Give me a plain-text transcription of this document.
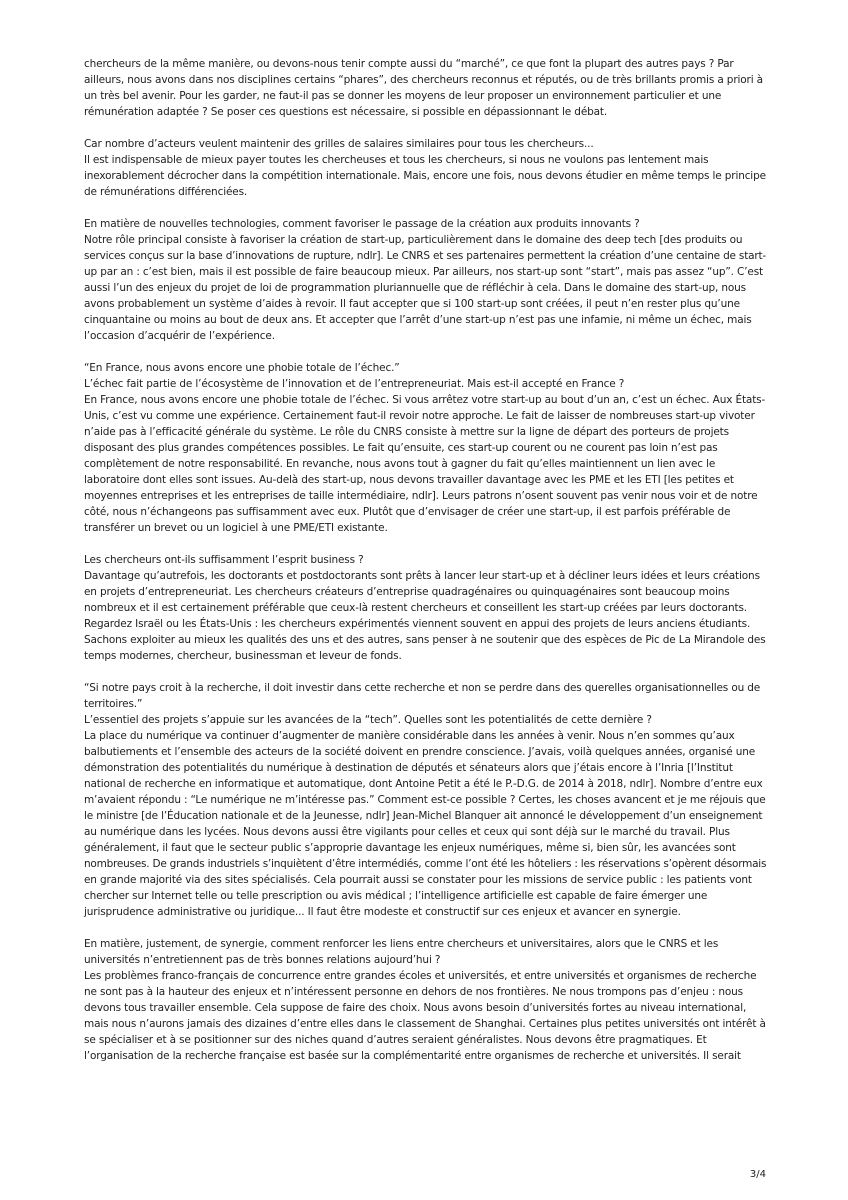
chercheurs de la même manière, ou devons-nous tenir compte aussi du “marché”, ce que font la plupart des autres pays ? Par
ailleurs, nous avons dans nos disciplines certains “phares”, des chercheurs reconnus et réputés, ou de très brillants promis a priori à
un très bel avenir. Pour les garder, ne faut-il pas se donner les moyens de leur proposer un environnement particulier et une
rémunération adaptée ? Se poser ces questions est nécessaire, si possible en dépassionnant le débat.
Car nombre d’acteurs veulent maintenir des grilles de salaires similaires pour tous les chercheurs...
Il est indispensable de mieux payer toutes les chercheuses et tous les chercheurs, si nous ne voulons pas lentement mais
inexorablement décrocher dans la compétition internationale. Mais, encore une fois, nous devons étudier en même temps le principe
de rémunérations différenciées.
En matière de nouvelles technologies, comment favoriser le passage de la création aux produits innovants ?
Notre rôle principal consiste à favoriser la création de start-up, particulièrement dans le domaine des deep tech [des produits ou
services conçus sur la base d’innovations de rupture, ndlr]. Le CNRS et ses partenaires permettent la création d’une centaine de start-
up par an : c’est bien, mais il est possible de faire beaucoup mieux. Par ailleurs, nos start-up sont “start”, mais pas assez “up”. C’est
aussi l’un des enjeux du projet de loi de programmation pluriannuelle que de réfléchir à cela. Dans le domaine des start-up, nous
avons probablement un système d’aides à revoir. Il faut accepter que si 100 start-up sont créées, il peut n’en rester plus qu’une
cinquantaine ou moins au bout de deux ans. Et accepter que l’arrêt d’une start-up n’est pas une infamie, ni même un échec, mais
l’occasion d’acquérir de l’expérience.
“En France, nous avons encore une phobie totale de l’échec.”
L’échec fait partie de l’écosystème de l’innovation et de l’entrepreneuriat. Mais est-il accepté en France ?
En France, nous avons encore une phobie totale de l’échec. Si vous arrêtez votre start-up au bout d’un an, c’est un échec. Aux États-
Unis, c’est vu comme une expérience. Certainement faut-il revoir notre approche. Le fait de laisser de nombreuses start-up vivoter
n’aide pas à l’efficacité générale du système. Le rôle du CNRS consiste à mettre sur la ligne de départ des porteurs de projets
disposant des plus grandes compétences possibles. Le fait qu’ensuite, ces start-up courent ou ne courent pas loin n’est pas
complètement de notre responsabilité. En revanche, nous avons tout à gagner du fait qu’elles maintiennent un lien avec le
laboratoire dont elles sont issues. Au-delà des start-up, nous devons travailler davantage avec les PME et les ETI [les petites et
moyennes entreprises et les entreprises de taille intermédiaire, ndlr]. Leurs patrons n’osent souvent pas venir nous voir et de notre
côté, nous n’échangeons pas suffisamment avec eux. Plutôt que d’envisager de créer une start-up, il est parfois préférable de
transférer un brevet ou un logiciel à une PME/ETI existante.
Les chercheurs ont-ils suffisamment l’esprit business ?
Davantage qu’autrefois, les doctorants et postdoctorants sont prêts à lancer leur start-up et à décliner leurs idées et leurs créations
en projets d’entrepreneuriat. Les chercheurs créateurs d’entreprise quadragénaires ou quinquagénaires sont beaucoup moins
nombreux et il est certainement préférable que ceux-là restent chercheurs et conseillent les start-up créées par leurs doctorants.
Regardez Israël ou les États-Unis : les chercheurs expérimentés viennent souvent en appui des projets de leurs anciens étudiants.
Sachons exploiter au mieux les qualités des uns et des autres, sans penser à ne soutenir que des espèces de Pic de La Mirandole des
temps modernes, chercheur, businessman et leveur de fonds.
“Si notre pays croit à la recherche, il doit investir dans cette recherche et non se perdre dans des querelles organisationnelles ou de
territoires.”
L’essentiel des projets s’appuie sur les avancées de la “tech”. Quelles sont les potentialités de cette dernière ?
La place du numérique va continuer d’augmenter de manière considérable dans les années à venir. Nous n’en sommes qu’aux
balbutiements et l’ensemble des acteurs de la société doivent en prendre conscience. J’avais, voilà quelques années, organisé une
démonstration des potentialités du numérique à destination de députés et sénateurs alors que j’étais encore à l’Inria [l’Institut
national de recherche en informatique et automatique, dont Antoine Petit a été le P.-D.G. de 2014 à 2018, ndlr]. Nombre d’entre eux
m’avaient répondu : “Le numérique ne m’intéresse pas.” Comment est-ce possible ? Certes, les choses avancent et je me réjouis que
le ministre [de l’Éducation nationale et de la Jeunesse, ndlr] Jean-Michel Blanquer ait annoncé le développement d’un enseignement
au numérique dans les lycées. Nous devons aussi être vigilants pour celles et ceux qui sont déjà sur le marché du travail. Plus
généralement, il faut que le secteur public s’approprie davantage les enjeux numériques, même si, bien sûr, les avancées sont
nombreuses. De grands industriels s’inquiètent d’être intermédiés, comme l’ont été les hôteliers : les réservations s’opèrent désormais
en grande majorité via des sites spécialisés. Cela pourrait aussi se constater pour les missions de service public : les patients vont
chercher sur Internet telle ou telle prescription ou avis médical ; l’intelligence artificielle est capable de faire émerger une
jurisprudence administrative ou juridique... Il faut être modeste et constructif sur ces enjeux et avancer en synergie.
En matière, justement, de synergie, comment renforcer les liens entre chercheurs et universitaires, alors que le CNRS et les
universités n’entretiennent pas de très bonnes relations aujourd’hui ?
Les problèmes franco-français de concurrence entre grandes écoles et universités, et entre universités et organismes de recherche
ne sont pas à la hauteur des enjeux et n’intéressent personne en dehors de nos frontières. Ne nous trompons pas d’enjeu : nous
devons tous travailler ensemble. Cela suppose de faire des choix. Nous avons besoin d’universités fortes au niveau international,
mais nous n’aurons jamais des dizaines d’entre elles dans le classement de Shanghai. Certaines plus petites universités ont intérêt à
se spécialiser et à se positionner sur des niches quand d’autres seraient généralistes. Nous devons être pragmatiques. Et
l’organisation de la recherche française est basée sur la complémentarité entre organismes de recherche et universités. Il serait
3/4
